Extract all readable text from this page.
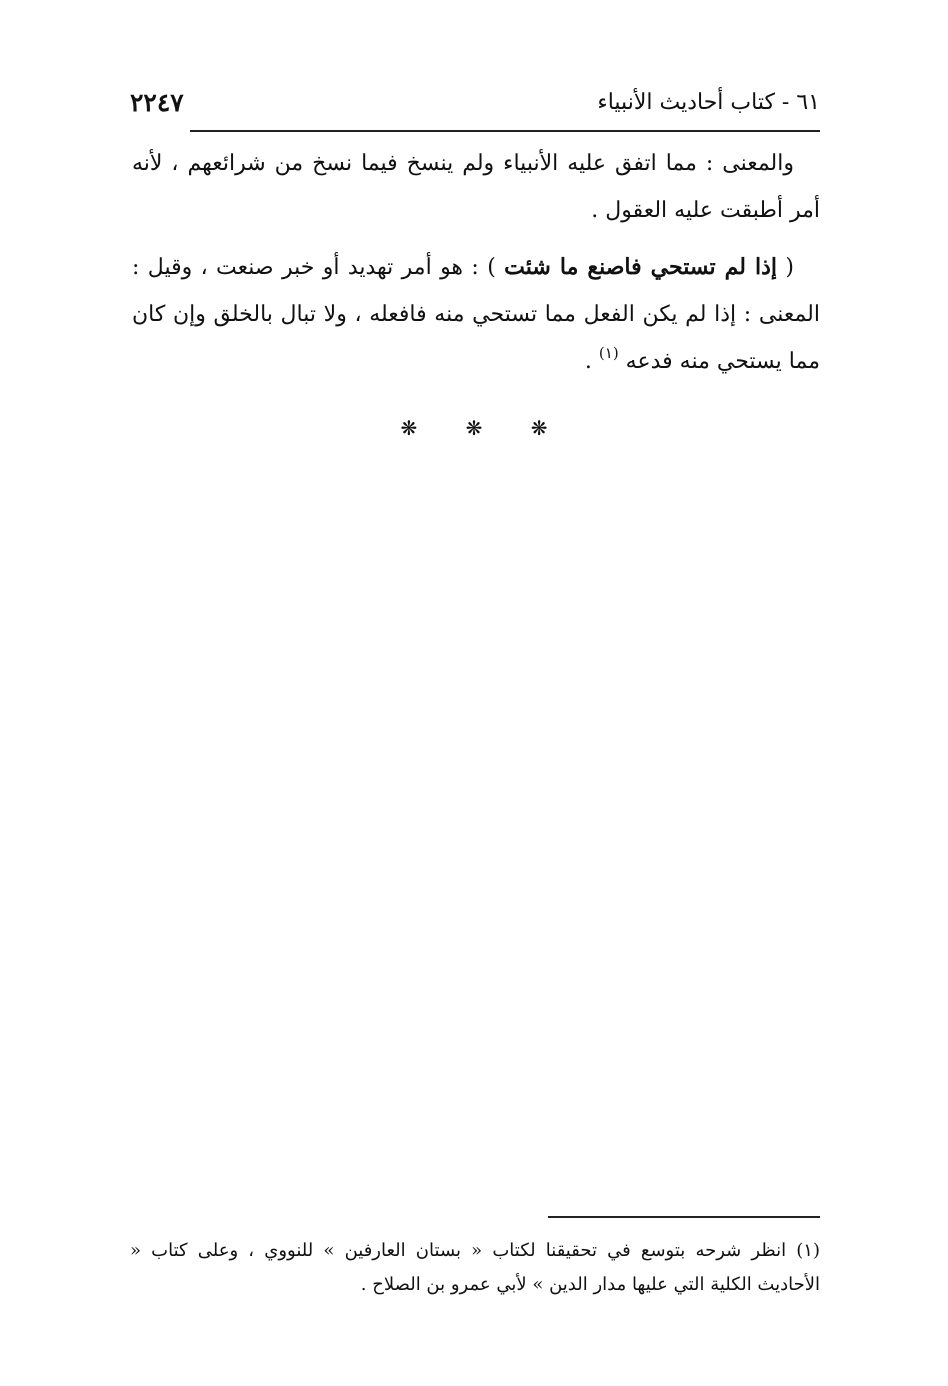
٢٢٤٧	٦١ - كتاب أحاديث الأنبياء

والمعنى : مما اتفق عليه الأنبياء ولم ينسخ فيما نسخ من شرائعهم ، لأنه أمر أطبقت عليه العقول .

( إذا لم تستحي فاصنع ما شئت ) : هو أمر تهديد أو خبر صنعت ، وقيل : المعنى : إذا لم يكن الفعل مما تستحي منه فافعله ، ولا تبال بالخلق وإن كان مما يستحي منه فدعه $^{(١)}$ .

❋ ❋ ❋

(١) انظر شرحه بتوسع في تحقيقنا لكتاب « بستان العارفين » للنووي ، وعلى كتاب « الأحاديث الكلية التي عليها مدار الدين » لأبي عمرو بن الصلاح .
